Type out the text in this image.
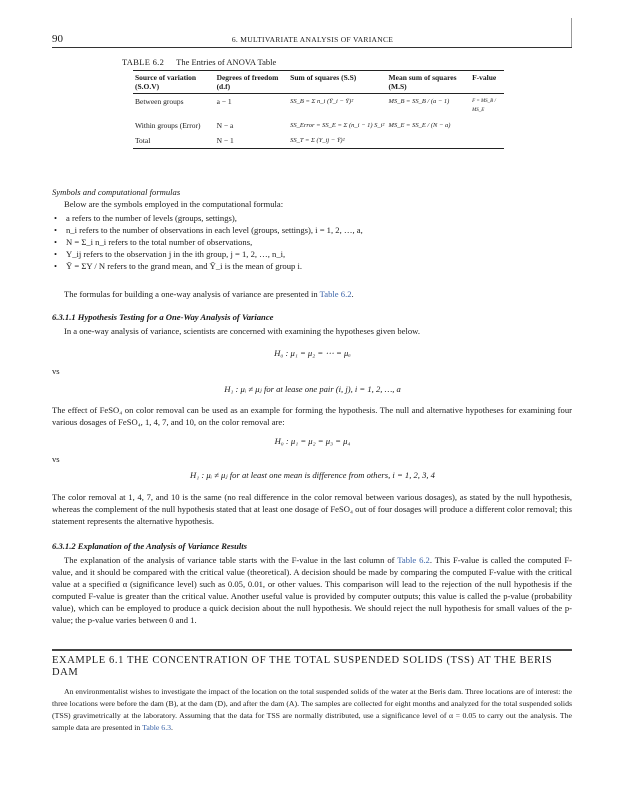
90	6. MULTIVARIATE ANALYSIS OF VARIANCE
TABLE 6.2 The Entries of ANOVA Table
Source of variation (S.O.V)	Degrees of freedom (d.f)	Sum of squares (S.S)	Mean sum of squares (M.S)	F-value
Between groups	a − 1	SS_B = Σ n_i (Ȳ_i − Ȳ)²	MS_B = SS_B / (a − 1)	F = MS_B / MS_E
Within groups (Error)	N − a	SS_Error = SS_E = Σ (n_i − 1) S_i²	MS_E = SS_E / (N − a)	
Total	N − 1	SS_T = Σ (Y_ij − Ȳ)²		

Symbols and computational formulas

Below are the symbols employed in the computational formula:

• a refers to the number of levels (groups, settings),
• n_i refers to the number of observations in each level (groups, settings), i = 1, 2, …, a,
• N = Σ_i n_i refers to the total number of observations,
• Y_ij refers to the observation j in the ith group, j = 1, 2, …, n_i,
• Ȳ = ΣY / N refers to the grand mean, and Ȳ_i is the mean of group i.

The formulas for building a one-way analysis of variance are presented in Table 6.2.

6.3.1.1 Hypothesis Testing for a One-Way Analysis of Variance

In a one-way analysis of variance, scientists are concerned with examining the hypotheses given below.

H₀ : μ₁ = μ₂ = ⋯ = μₐ
vs
H₁ : μᵢ ≠ μⱼ for at lease one pair (i, j), i = 1, 2, …, a

The effect of FeSO₄ on color removal can be used as an example for forming the hypothesis. The null and alternative hypotheses for examining four various dosages of FeSO₄, 1, 4, 7, and 10, on the color removal are:

H₀ : μ₁ = μ₂ = μ₃ = μ₄
vs
H₁ : μᵢ ≠ μⱼ for at least one mean is difference from others, i = 1, 2, 3, 4

The color removal at 1, 4, 7, and 10 is the same (no real difference in the color removal between various dosages), as stated by the null hypothesis, whereas the complement of the null hypothesis stated that at least one dosage of FeSO₄ out of four dosages will produce a different color removal; this statement represents the alternative hypothesis.

6.3.1.2 Explanation of the Analysis of Variance Results

The explanation of the analysis of variance table starts with the F-value in the last column of Table 6.2. This F-value is called the computed F-value, and it should be compared with the critical value (theoretical). A decision should be made by comparing the computed F-value with the critical value at a specified α (significance level) such as 0.05, 0.01, or other values. This comparison will lead to the rejection of the null hypothesis if the computed F-value is greater than the critical value. Another useful value is provided by computer outputs; this value is called the p-value (probability value), which can be employed to produce a quick decision about the null hypothesis. We should reject the null hypothesis for small values of the p-value; the p-value varies between 0 and 1.

EXAMPLE 6.1 THE CONCENTRATION OF THE TOTAL SUSPENDED SOLIDS (TSS) AT THE BERIS DAM

An environmentalist wishes to investigate the impact of the location on the total suspended solids of the water at the Beris dam. Three locations are of interest: the three locations were before the dam (B), at the dam (D), and after the dam (A). The samples are collected for eight months and analyzed for the total suspended solids (TSS) gravimetrically at the laboratory. Assuming that the data for TSS are normally distributed, use a significance level of α = 0.05 to carry out the analysis. The sample data are presented in Table 6.3.
